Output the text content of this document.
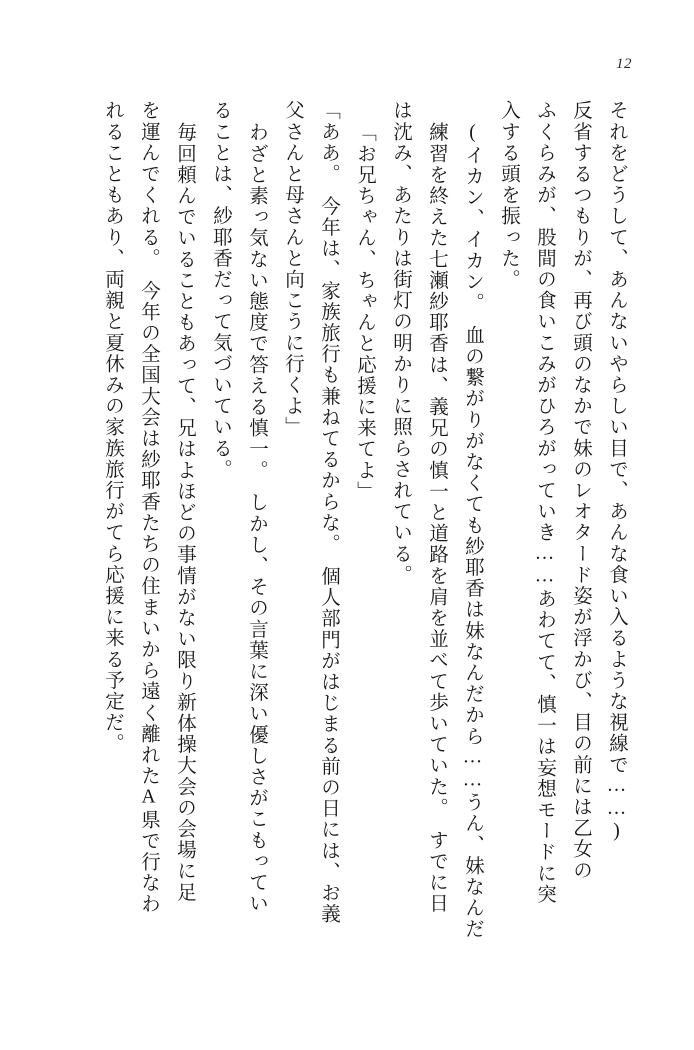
12
それをどうして、あんないやらしい目で、あんな食い入るような視線で……)
反省するつもりが、再び頭のなかで妹のレオタード姿が浮かび、目の前には乙女の
ふくらみが、股間の食いこみがひろがっていき……あわてて、慎一は妄想モードに突
入する頭を振った。
(イカン、イカン。　血の繋がりがなくても紗耶香は妹なんだから……うん、妹なんだ
練習を終えた七瀬紗耶香は、義兄の慎一と道路を肩を並べて歩いていた。　すでに日
は沈み、あたりは街灯の明かりに照らされている。
「お兄ちゃん、ちゃんと応援に来てよ」
「ああ。　今年は、家族旅行も兼ねてるからな。　個人部門がはじまる前の日には、お義
父さんと母さんと向こうに行くよ」
わざと素っ気ない態度で答える慎一。　しかし、その言葉に深い優しさがこもってい
ることは、紗耶香だって気づいている。
毎回頼んでいることもあって、兄はよほどの事情がない限り新体操大会の会場に足
を運んでくれる。　今年の全国大会は紗耶香たちの住まいから遠く離れたA県で行なわ
れることもあり、両親と夏休みの家族旅行がてら応援に来る予定だ。
